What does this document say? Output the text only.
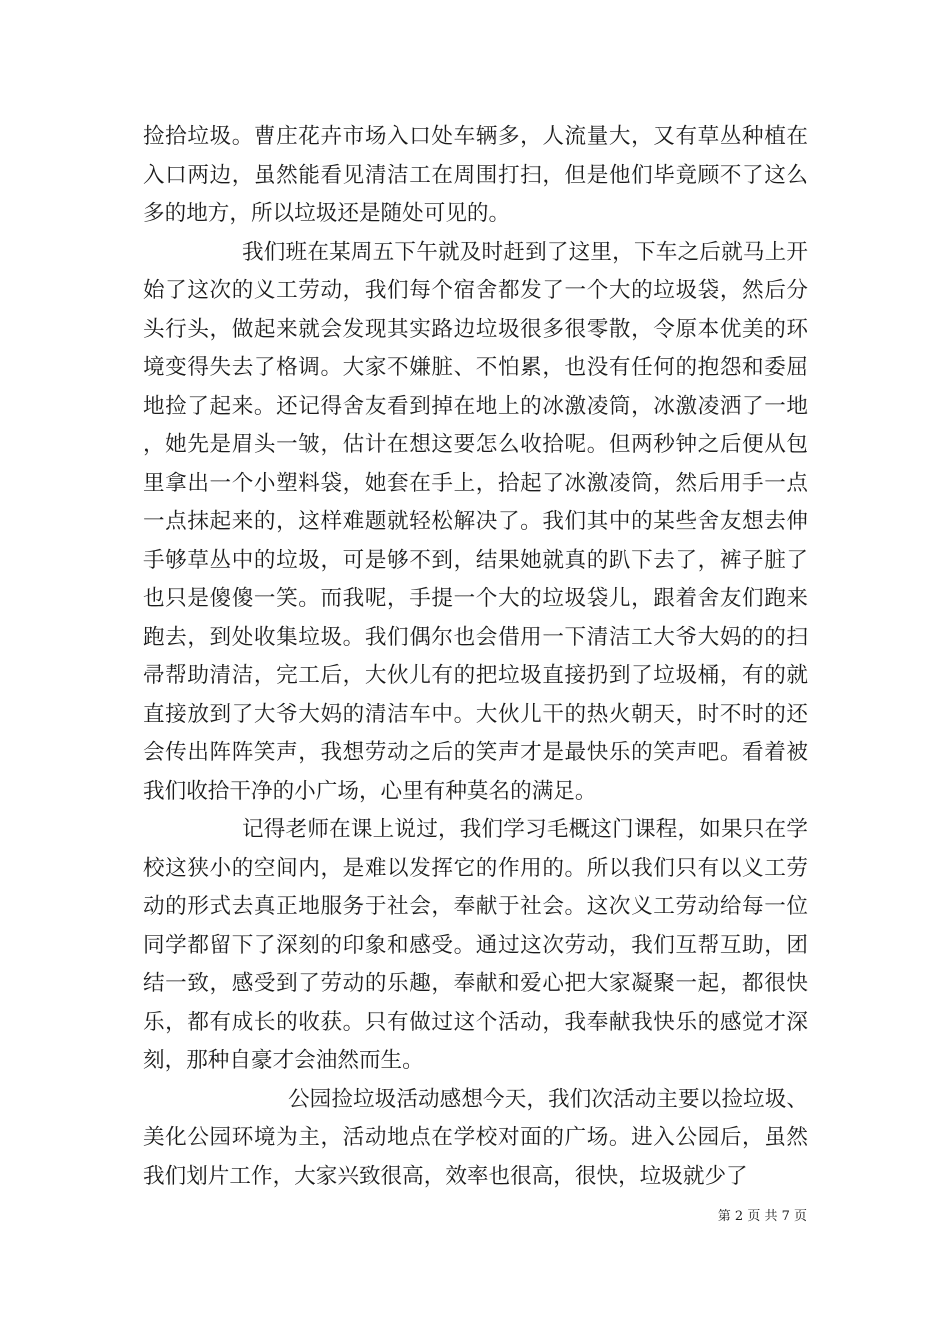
捡拾垃圾。曹庄花卉市场入口处车辆多，人流量大，又有草丛种植在入口两边，虽然能看见清洁工在周围打扫，但是他们毕竟顾不了这么多的地方，所以垃圾还是随处可见的。

我们班在某周五下午就及时赶到了这里，下车之后就马上开始了这次的义工劳动，我们每个宿舍都发了一个大的垃圾袋，然后分头行头，做起来就会发现其实路边垃圾很多很零散，令原本优美的环境变得失去了格调。大家不嫌脏、不怕累，也没有任何的抱怨和委屈地捡了起来。还记得舍友看到掉在地上的冰激凌筒，冰激凌洒了一地，她先是眉头一皱，估计在想这要怎么收拾呢。但两秒钟之后便从包里拿出一个小塑料袋，她套在手上，拾起了冰激凌筒，然后用手一点一点抹起来的，这样难题就轻松解决了。我们其中的某些舍友想去伸手够草丛中的垃圾，可是够不到，结果她就真的趴下去了，裤子脏了也只是傻傻一笑。而我呢，手提一个大的垃圾袋儿，跟着舍友们跑来跑去，到处收集垃圾。我们偶尔也会借用一下清洁工大爷大妈的的扫帚帮助清洁，完工后，大伙儿有的把垃圾直接扔到了垃圾桶，有的就直接放到了大爷大妈的清洁车中。大伙儿干的热火朝天，时不时的还会传出阵阵笑声，我想劳动之后的笑声才是最快乐的笑声吧。看着被我们收拾干净的小广场，心里有种莫名的满足。

记得老师在课上说过，我们学习毛概这门课程，如果只在学校这狭小的空间内，是难以发挥它的作用的。所以我们只有以义工劳动的形式去真正地服务于社会，奉献于社会。这次义工劳动给每一位同学都留下了深刻的印象和感受。通过这次劳动，我们互帮互助，团结一致，感受到了劳动的乐趣，奉献和爱心把大家凝聚一起，都很快乐，都有成长的收获。只有做过这个活动，我奉献我快乐的感觉才深刻，那种自豪才会油然而生。

公园捡垃圾活动感想今天，我们次活动主要以捡垃圾、美化公园环境为主，活动地点在学校对面的广场。进入公园后，虽然我们划片工作，大家兴致很高，效率也很高，很快，垃圾就少了

第 2 页 共 7 页
